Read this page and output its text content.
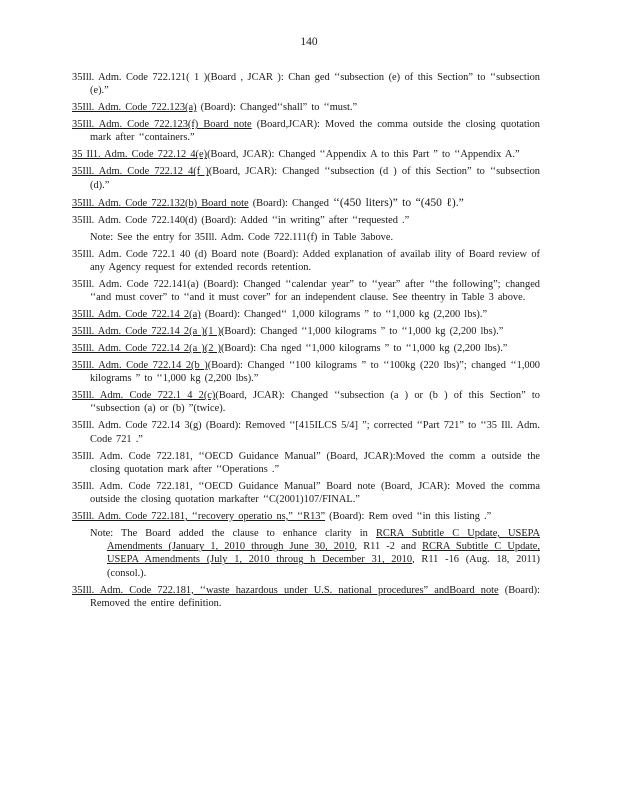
140

35Ill. Adm. Code 722.121( 1 )(Board , JCAR ): Chan ged ‘‘subsection (e) of this Section” to ‘‘subsection (e).”

35Ill. Adm. Code 722.123(a) (Board): Changed‘‘shall” to ‘‘must.”

35Ill. Adm. Code 722.123(f) Board note (Board,JCAR): Moved the comma outside the closing quotation mark after ‘‘containers.”

35 Il1. Adm. Code 722.12 4(e)(Board, JCAR): Changed ‘‘Appendix A to this Part ” to ‘‘Appendix A.”

35Ill. Adm. Code 722.12 4(f )(Board, JCAR): Changed ‘‘subsection (d ) of this Section” to ‘‘subsection (d).”

35Ill. Adm. Code 722.132(b) Board note (Board): Changed ‘‘(450 liters)” to “(450 ℓ).”

35Ill. Adm. Code 722.140(d) (Board): Added ‘‘in writing” after ‘‘requested .”

Note: See the entry for 35Ill. Adm. Code 722.111(f) in Table 3above.

35Ill. Adm. Code 722.1 40 (d) Board note (Board): Added explanation of availab ility of Board review of any Agency request for extended records retention.

35Ill. Adm. Code 722.141(a) (Board): Changed ‘‘calendar year” to ‘‘year” after ‘‘the following”; changed ‘‘and must cover” to ‘‘and it must cover” for an independent clause. See theentry in Table 3 above.

35Ill. Adm. Code 722.14 2(a) (Board): Changed‘‘ 1,000 kilograms ” to ‘‘1,000 kg (2,200 lbs).”

35Ill. Adm. Code 722.14 2(a )(1 )(Board): Changed ‘‘1,000 kilograms ” to ‘‘1,000 kg (2,200 lbs).”

35Ill. Adm. Code 722.14 2(a )(2 )(Board): Cha nged ‘‘1,000 kilograms ” to ‘‘1,000 kg (2,200 lbs).”

35Ill. Adm. Code 722.14 2(b )(Board): Changed ‘‘100 kilograms ” to ‘‘100kg (220 lbs)”; changed ‘‘1,000 kilograms ” to ‘‘1,000 kg (2,200 lbs).”

35Ill. Adm. Code 722.1 4 2(c)(Board, JCAR): Changed ‘‘subsection (a ) or (b ) of this Section” to ‘‘subsection (a) or (b) ”(twice).

35Ill. Adm. Code 722.14 3(g) (Board): Removed ‘‘[415ILCS 5/4] ”; corrected ‘‘Part 721” to ‘‘35 Ill. Adm. Code 721 .”

35Ill. Adm. Code 722.181, ‘‘OECD Guidance Manual” (Board, JCAR):Moved the comm a outside the closing quotation mark after ‘‘Operations .”

35Ill. Adm. Code 722.181, ‘‘OECD Guidance Manual” Board note (Board, JCAR): Moved the comma outside the closing quotation markafter ‘‘C(2001)107/FINAL.”

35Ill. Adm. Code 722.181, ‘‘recovery operatio ns,” ‘‘R13” (Board): Rem oved ‘‘in this listing .”

Note: The Board added the clause to enhance clarity in RCRA Subtitle C Update, USEPA Amendments (January 1, 2010 through June 30, 2010, R11 -2 and RCRA Subtitle C Update, USEPA Amendments (July 1, 2010 throug h December 31, 2010, R11 -16 (Aug. 18, 2011) (consol.).

35Ill. Adm. Code 722.181, ‘‘waste hazardous under U.S. national procedures” andBoard note (Board): Removed the entire definition.
